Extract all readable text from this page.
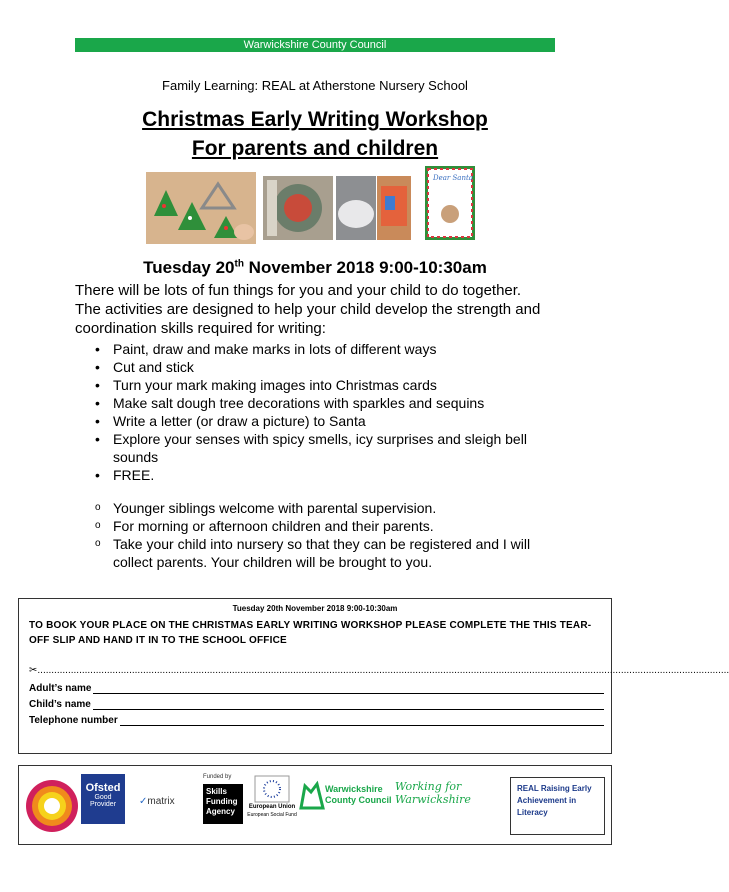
Warwickshire County Council
Family Learning: REAL at Atherstone Nursery School
Christmas Early Writing Workshop
For parents and children
Dear Santa
Tuesday 20th November 2018 9:00-10:30am
There will be lots of fun things for you and your child to do together. The activities are designed to help your child develop the strength and coordination skills required for writing:
• Paint, draw and make marks in lots of different ways
• Cut and stick
• Turn your mark making images into Christmas cards
• Make salt dough tree decorations with sparkles and sequins
• Write a letter (or draw a picture) to Santa
• Explore your senses with spicy smells, icy surprises and sleigh bell sounds
• FREE.
o Younger siblings welcome with parental supervision.
o For morning or afternoon children and their parents.
o Take your child into nursery so that they can be registered and I will collect parents. Your children will be brought to you.
Tuesday 20th November 2018 9:00-10:30am
TO BOOK YOUR PLACE ON THE CHRISTMAS EARLY WRITING WORKSHOP PLEASE COMPLETE THE THIS TEAR-OFF SLIP AND HAND IT IN TO THE SCHOOL OFFICE
✂.........................................................................................................................................................................................................................................................
Adult’s name
Child’s name
Telephone number
Ofsted
Good
Provider	✓matrix
Funded by
Skills Funding Agency	European Union
European Social Fund
Warwickshire
County Council
Working for Warwickshire
REAL Raising Early Achievement in Literacy
